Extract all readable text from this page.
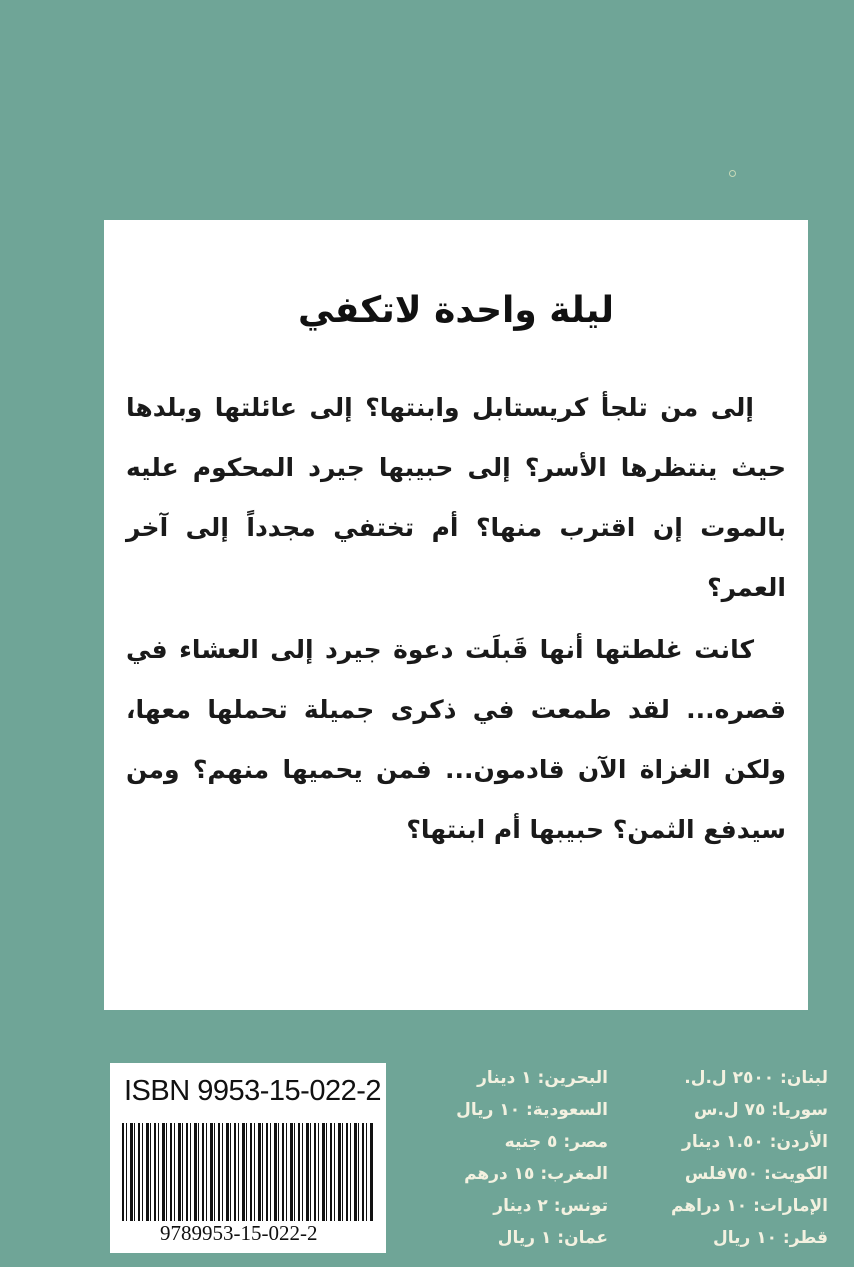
ليلة واحدة لاتكفي

إلى من تلجأ كريستابل وابنتها؟ إلى عائلتها وبلدها حيث ينتظرها الأسر؟ إلى حبيبها جيرد المحكوم عليه بالموت إن اقترب منها؟ أم تختفي مجدداً إلى آخر العمر؟

كانت غلطتها أنها قَبلَت دعوة جيرد إلى العشاء في قصره... لقد طمعت في ذكرى جميلة تحملها معها، ولكن الغزاة الآن قادمون... فمن يحميها منهم؟ ومن سيدفع الثمن؟ حبيبها أم ابنتها؟

ISBN 9953-15-022-2
9789953-15-022-2
لبنان: ٢٥٠٠ ل.ل.
سوريا: ٧٥ ل.س
الأردن: ١.٥٠ دينار
الكويت: ٧٥٠فلس
الإمارات: ١٠ دراهم
قطر: ١٠ ريال
البحرين: ١ دينار
السعودية: ١٠ ريال
مصر: ٥ جنيه
المغرب: ١٥ درهم
تونس: ٢ دينار
عمان: ١ ريال
